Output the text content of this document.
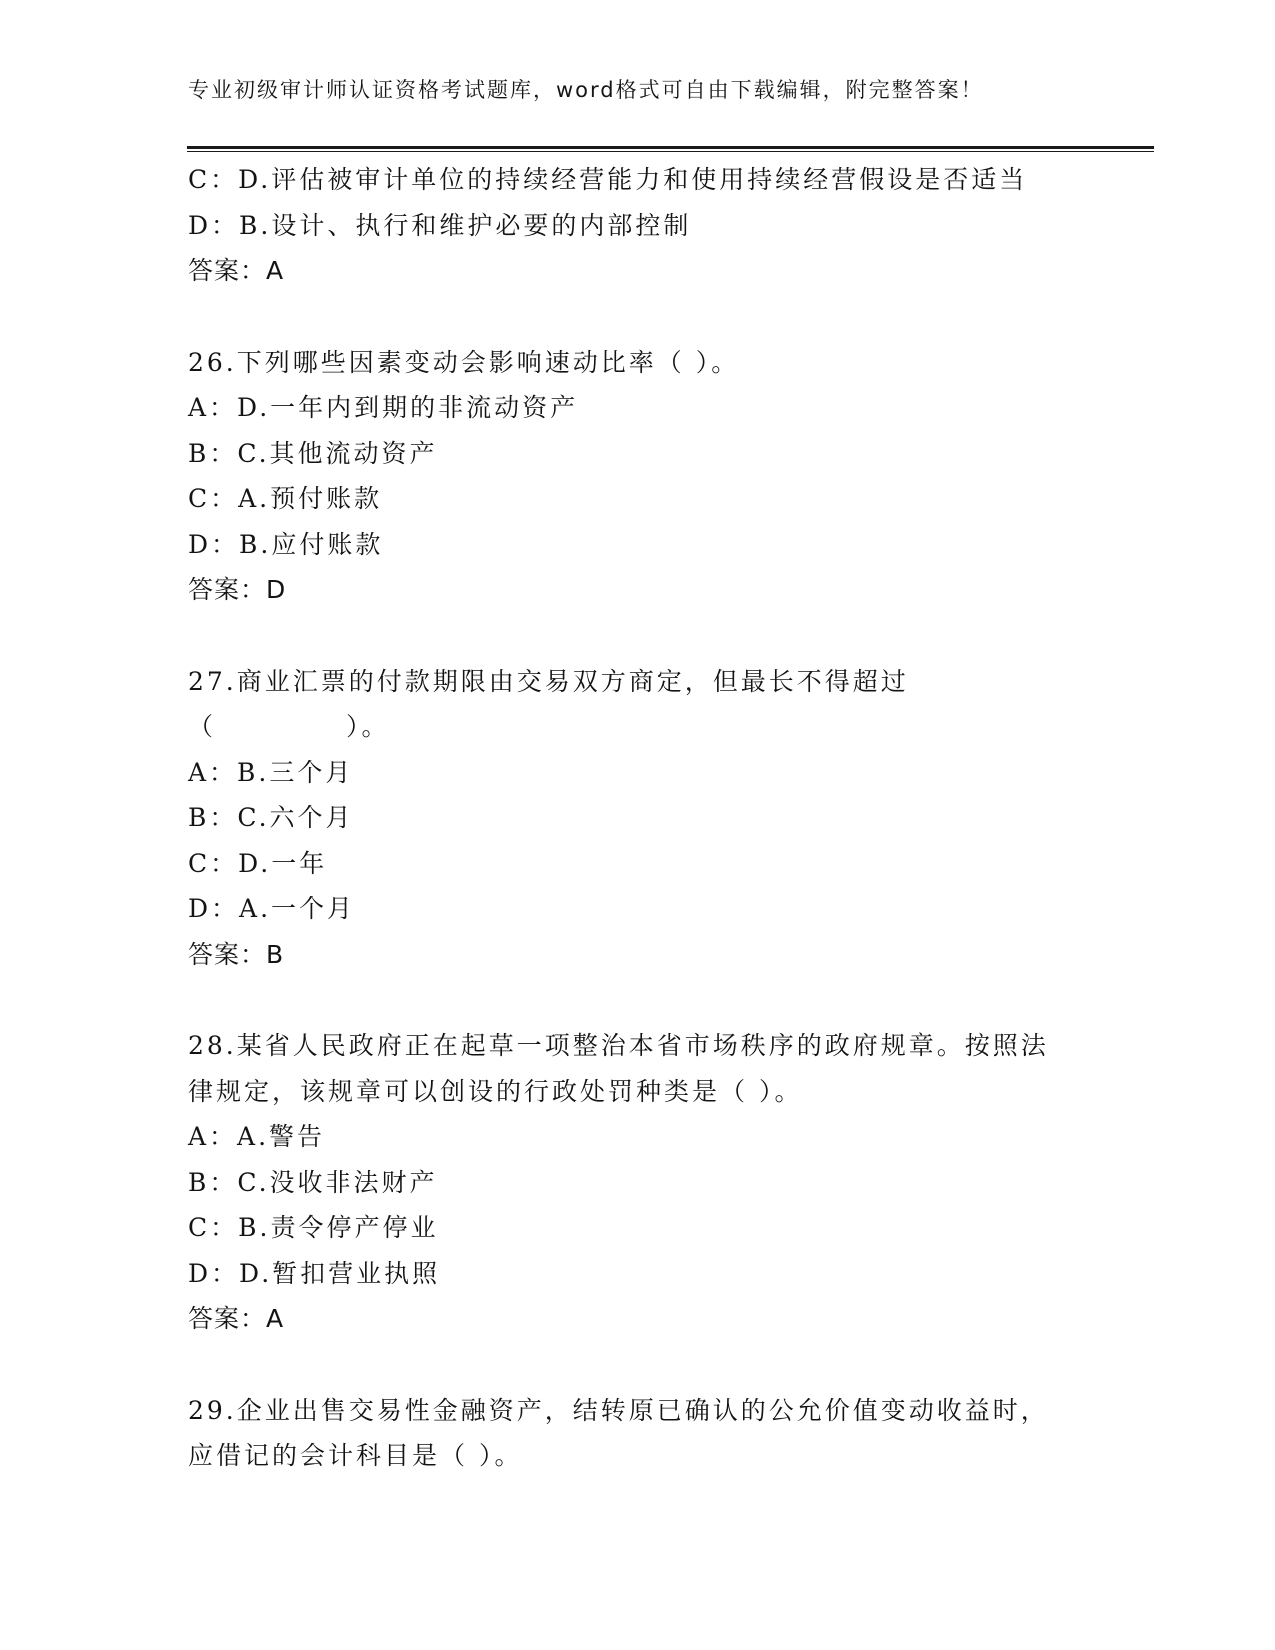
专业初级审计师认证资格考试题库，word格式可自由下载编辑，附完整答案！
C：D.评估被审计单位的持续经营能力和使用持续经营假设是否适当
D：B.设计、执行和维护必要的内部控制
答案：A
26.下列哪些因素变动会影响速动比率（ ）。
A：D.一年内到期的非流动资产
B：C.其他流动资产
C：A.预付账款
D：B.应付账款
答案：D
27.商业汇票的付款期限由交易双方商定，但最长不得超过
（	）。
A：B.三个月
B：C.六个月
C：D.一年
D：A.一个月
答案：B
28.某省人民政府正在起草一项整治本省市场秩序的政府规章。按照法
律规定，该规章可以创设的行政处罚种类是（ ）。
A：A.警告
B：C.没收非法财产
C：B.责令停产停业
D：D.暂扣营业执照
答案：A
29.企业出售交易性金融资产，结转原已确认的公允价值变动收益时，
应借记的会计科目是（ ）。
